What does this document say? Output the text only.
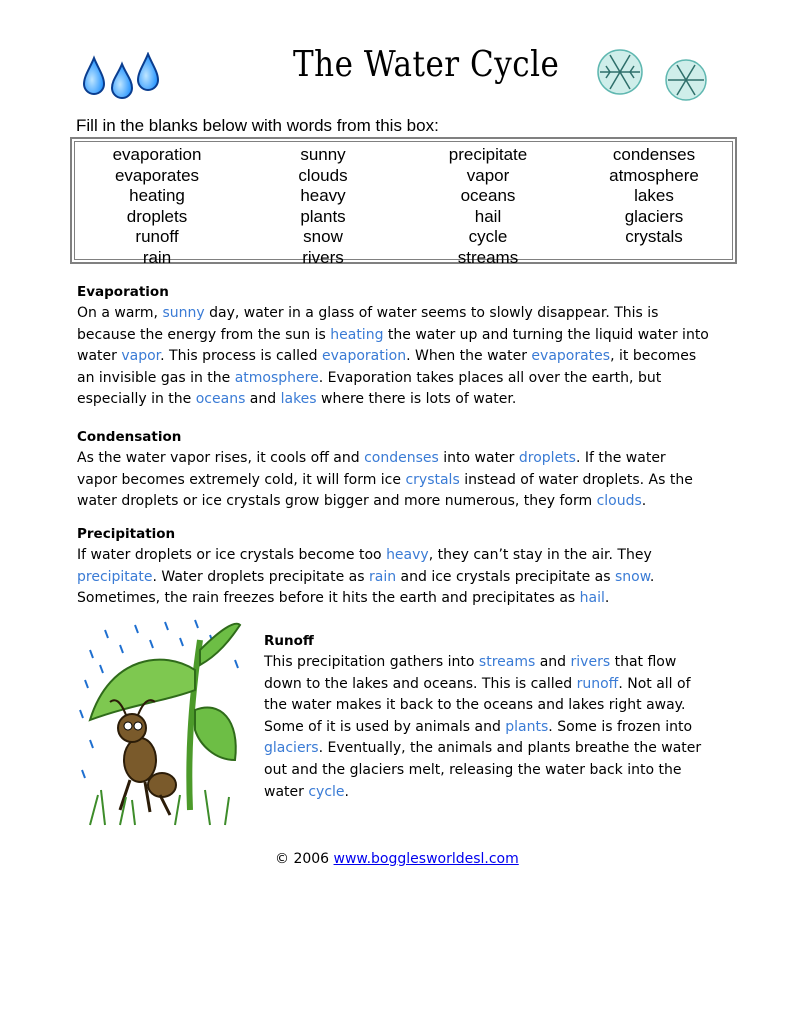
The Water Cycle
Fill in the blanks below with words from this box:
evaporation
evaporates
heating
droplets
runoff
rain
sunny
clouds
heavy
plants
snow
rivers
precipitate
vapor
oceans
hail
cycle
streams
condenses
atmosphere
lakes
glaciers
crystals
Evaporation

On a warm, sunny day, water in a glass of water seems to slowly disappear. This is
because the energy from the sun is heating the water up and turning the liquid water into
water vapor. This process is called evaporation. When the water evaporates, it becomes
an invisible gas in the atmosphere. Evaporation takes places all over the earth, but
especially in the oceans and lakes where there is lots of water.

Condensation

As the water vapor rises, it cools off and condenses into water droplets. If the water
vapor becomes extremely cold, it will form ice crystals instead of water droplets. As the
water droplets or ice crystals grow bigger and more numerous, they form clouds.

Precipitation

If water droplets or ice crystals become too heavy, they can’t stay in the air. They
precipitate. Water droplets precipitate as rain and ice crystals precipitate as snow.
Sometimes, the rain freezes before it hits the earth and precipitates as hail.

Runoff

This precipitation gathers into streams and rivers that flow
down to the lakes and oceans. This is called runoff. Not all of
the water makes it back to the oceans and lakes right away.
Some of it is used by animals and plants. Some is frozen into
glaciers. Eventually, the animals and plants breathe the water
out and the glaciers melt, releasing the water back into the
water cycle.

© 2006 www.bogglesworldesl.com
